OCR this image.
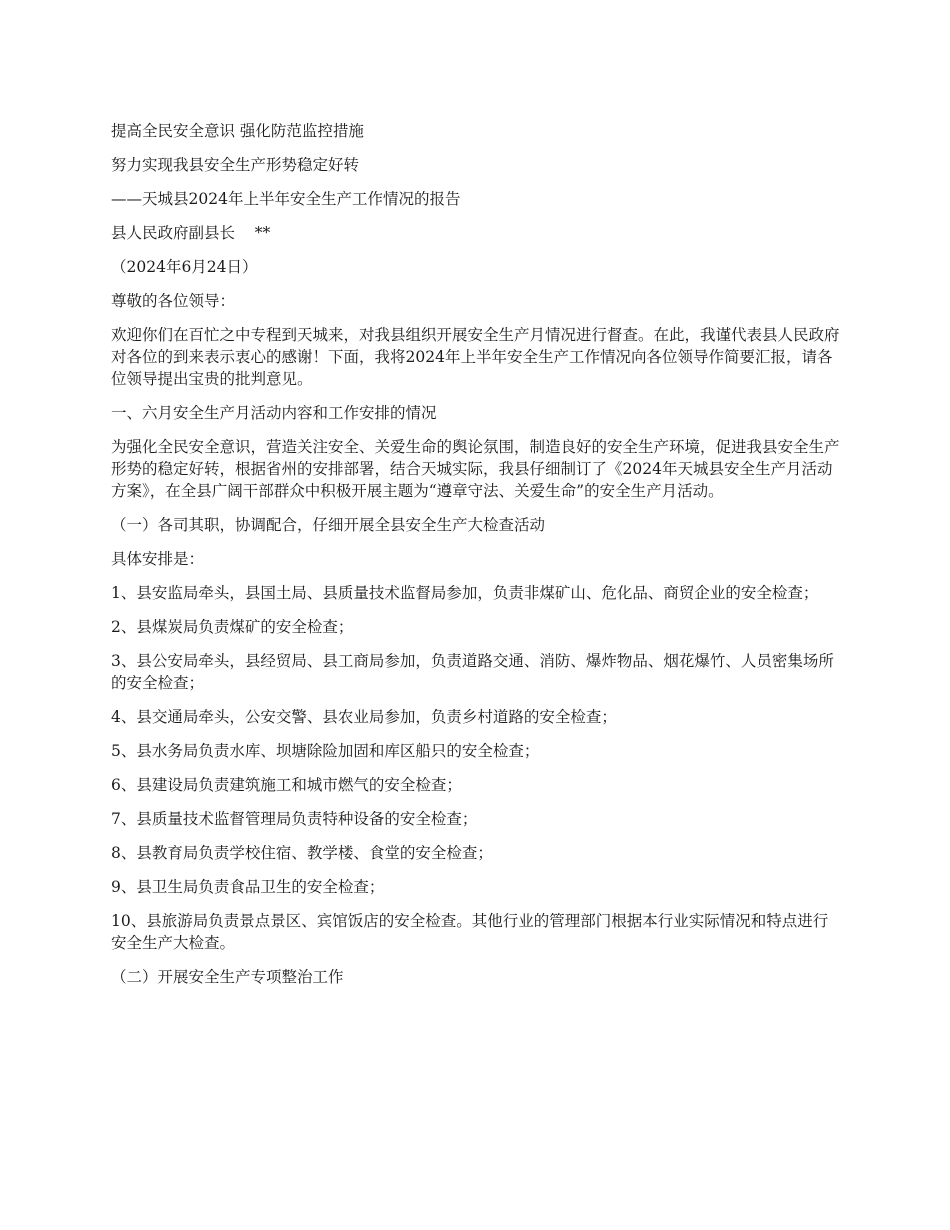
提高全民安全意识 强化防范监控措施

努力实现我县安全生产形势稳定好转

——天城县2024年上半年安全生产工作情况的报告

县人民政府副县长    **

（2024年6月24日）

尊敬的各位领导：

欢迎你们在百忙之中专程到天城来，对我县组织开展安全生产月情况进行督查。在此，我谨代表县人民政府对各位的到来表示衷心的感谢！下面，我将2024年上半年安全生产工作情况向各位领导作简要汇报，请各位领导提出宝贵的批判意见。

一、六月安全生产月活动内容和工作安排的情况

为强化全民安全意识，营造关注安全、关爱生命的舆论氛围，制造良好的安全生产环境，促进我县安全生产形势的稳定好转，根据省州的安排部署，结合天城实际，我县仔细制订了《2024年天城县安全生产月活动方案》，在全县广阔干部群众中积极开展主题为“遵章守法、关爱生命”的安全生产月活动。

（一）各司其职，协调配合，仔细开展全县安全生产大检查活动

具体安排是：

1、县安监局牵头，县国土局、县质量技术监督局参加，负责非煤矿山、危化品、商贸企业的安全检查；

2、县煤炭局负责煤矿的安全检查；

3、县公安局牵头，县经贸局、县工商局参加，负责道路交通、消防、爆炸物品、烟花爆竹、人员密集场所的安全检查；

4、县交通局牵头，公安交警、县农业局参加，负责乡村道路的安全检查；

5、县水务局负责水库、坝塘除险加固和库区船只的安全检查；

6、县建设局负责建筑施工和城市燃气的安全检查；

7、县质量技术监督管理局负责特种设备的安全检查；

8、县教育局负责学校住宿、教学楼、食堂的安全检查；

9、县卫生局负责食品卫生的安全检查；

10、县旅游局负责景点景区、宾馆饭店的安全检查。其他行业的管理部门根据本行业实际情况和特点进行安全生产大检查。

（二）开展安全生产专项整治工作
